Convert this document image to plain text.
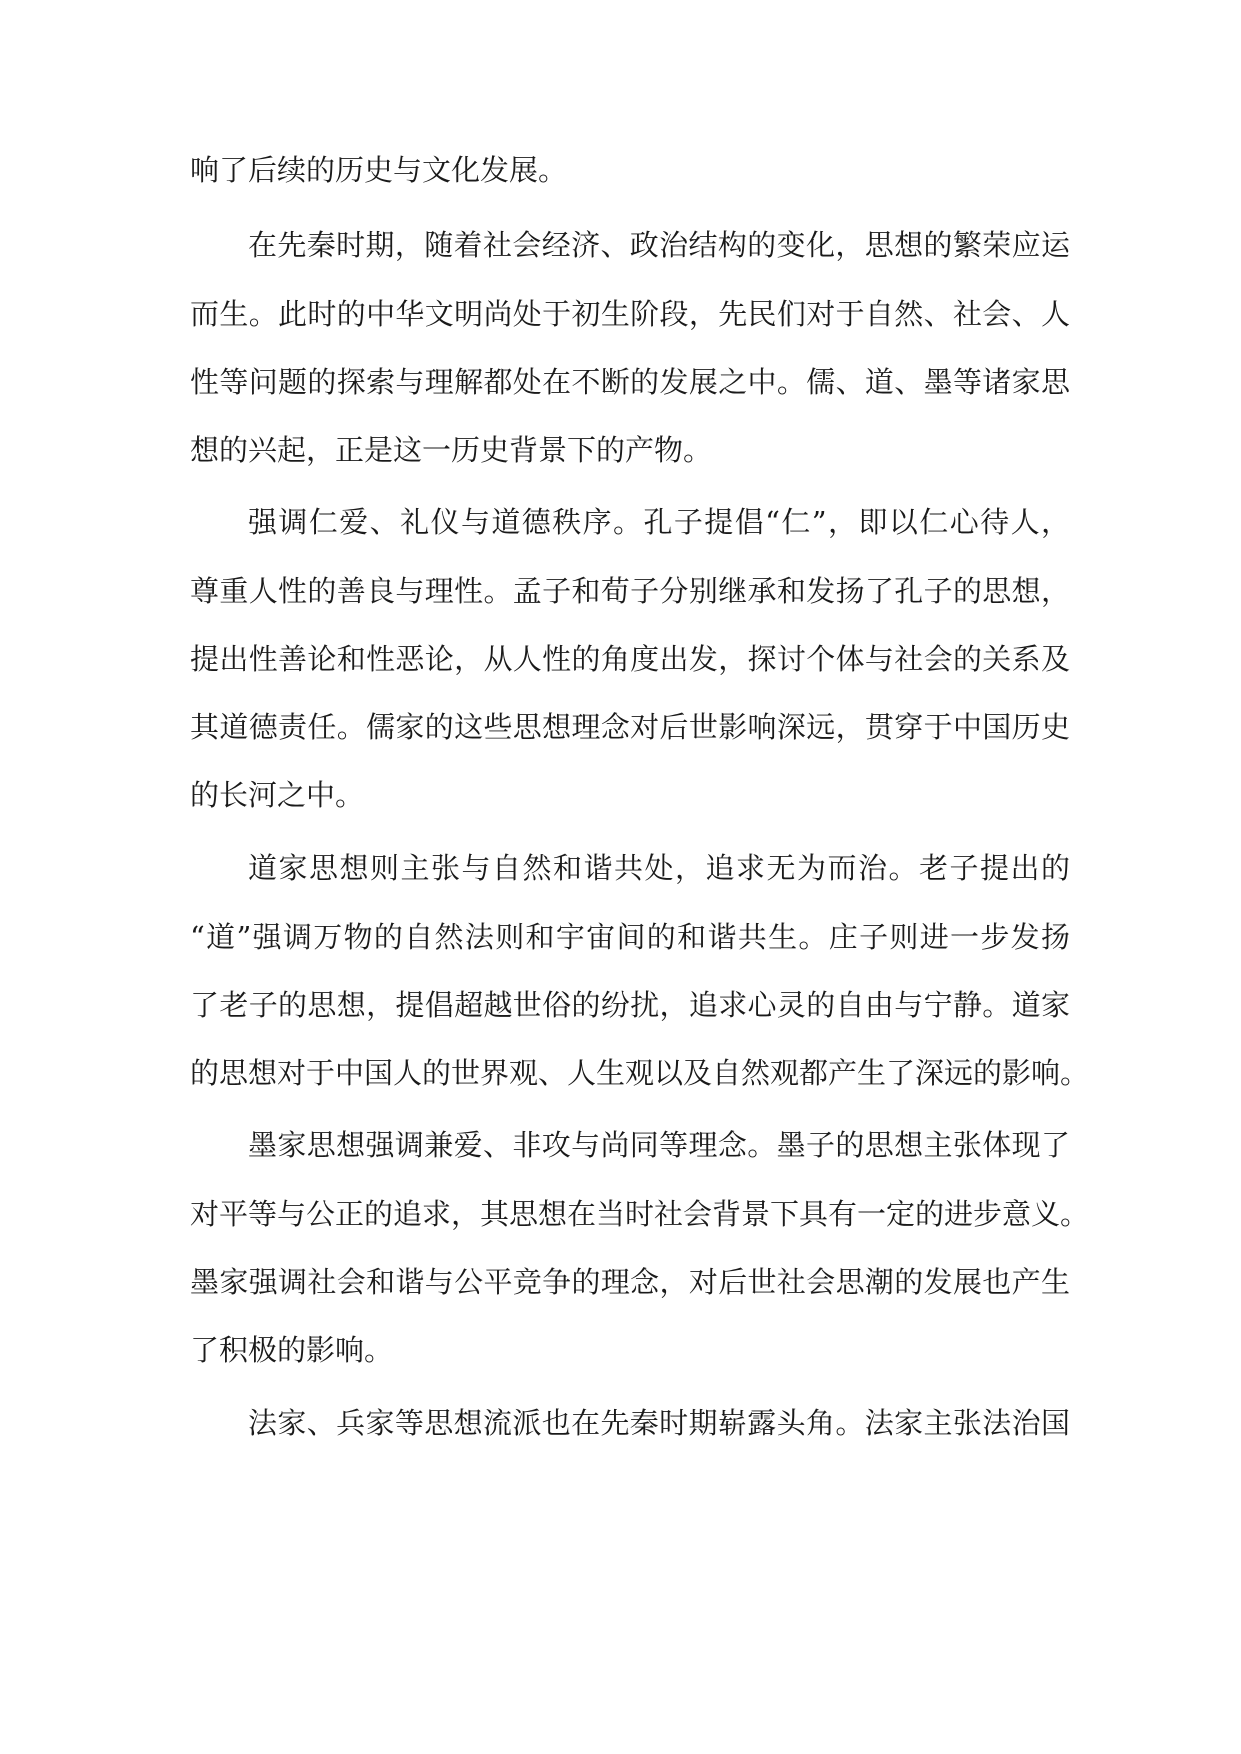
响了后续的历史与文化发展。
在先秦时期，随着社会经济、政治结构的变化，思想的繁荣应运
而生。此时的中华文明尚处于初生阶段，先民们对于自然、社会、人
性等问题的探索与理解都处在不断的发展之中。儒、道、墨等诸家思
想的兴起，正是这一历史背景下的产物。
强调仁爱、礼仪与道德秩序。孔子提倡“仁”，即以仁心待人，
尊重人性的善良与理性。孟子和荀子分别继承和发扬了孔子的思想，
提出性善论和性恶论，从人性的角度出发，探讨个体与社会的关系及
其道德责任。儒家的这些思想理念对后世影响深远，贯穿于中国历史
的长河之中。
道家思想则主张与自然和谐共处，追求无为而治。老子提出的
“道”强调万物的自然法则和宇宙间的和谐共生。庄子则进一步发扬
了老子的思想，提倡超越世俗的纷扰，追求心灵的自由与宁静。道家
的思想对于中国人的世界观、人生观以及自然观都产生了深远的影响。
墨家思想强调兼爱、非攻与尚同等理念。墨子的思想主张体现了
对平等与公正的追求，其思想在当时社会背景下具有一定的进步意义。
墨家强调社会和谐与公平竞争的理念，对后世社会思潮的发展也产生
了积极的影响。
法家、兵家等思想流派也在先秦时期崭露头角。法家主张法治国
